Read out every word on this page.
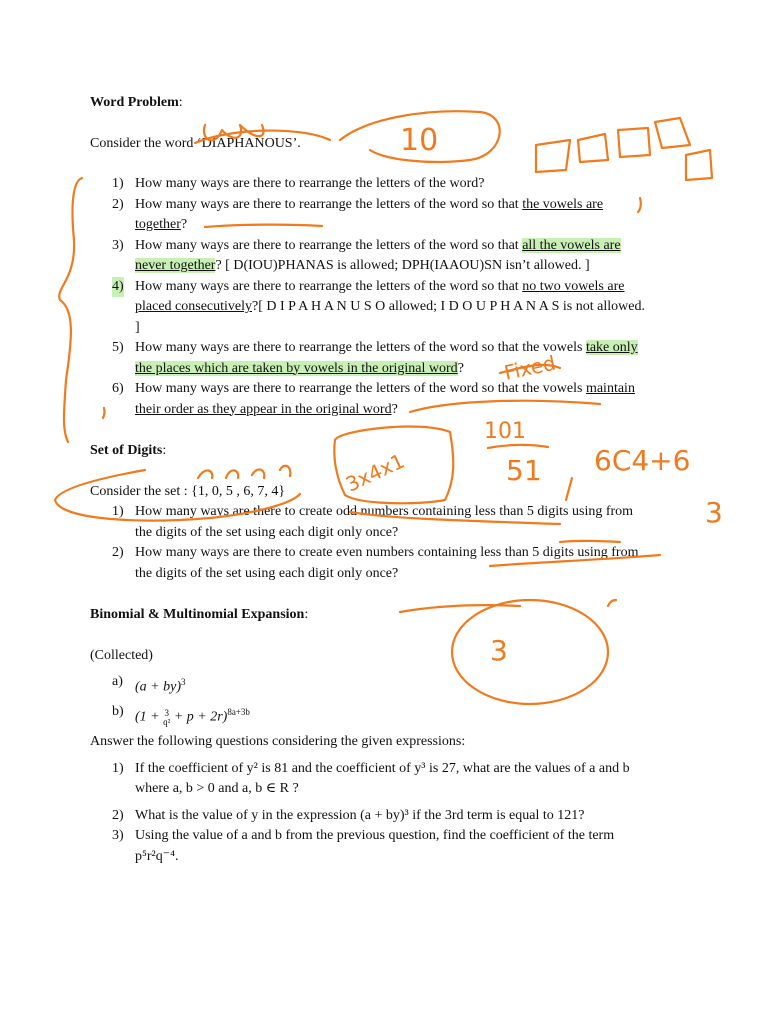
Word Problem:
Consider the word ‘DIAPHANOUS’.
1) How many ways are there to rearrange the letters of the word?
2) How many ways are there to rearrange the letters of the word so that the vowels are together?
3) How many ways are there to rearrange the letters of the word so that all the vowels are never together? [ D(IOU)PHANAS is allowed; DPH(IAAOU)SN isn’t allowed. ]
4) How many ways are there to rearrange the letters of the word so that no two vowels are placed consecutively?[ D I P A H A N U S O allowed; I D O U P H A N A S is not allowed. ]
5) How many ways are there to rearrange the letters of the word so that the vowels take only the places which are taken by vowels in the original word?
6) How many ways are there to rearrange the letters of the word so that the vowels maintain their order as they appear in the original word?
Set of Digits:
Consider the set : {1, 0, 5 , 6, 7, 4}
1) How many ways are there to create odd numbers containing less than 5 digits using from the digits of the set using each digit only once?
2) How many ways are there to create even numbers containing less than 5 digits using from the digits of the set using each digit only once?
Binomial & Multinomial Expansion:
(Collected)
a) (a + by)$^3$
b) (1 + 3
q² + p + 2r)$^{8a+3b}$
Answer the following questions considering the given expressions:
1) If the coefficient of y² is 81 and the coefficient of y³ is 27, what are the values of a and b where a, b > 0 and a, b ∈ R ?
2) What is the value of y in the expression (a + by)³ if the 3rd term is equal to 121?
3) Using the value of a and b from the previous question, find the coefficient of the term p⁵r²q⁻⁴.
10
Fixed
3x4x1
101
51 6C4+6
3
3
